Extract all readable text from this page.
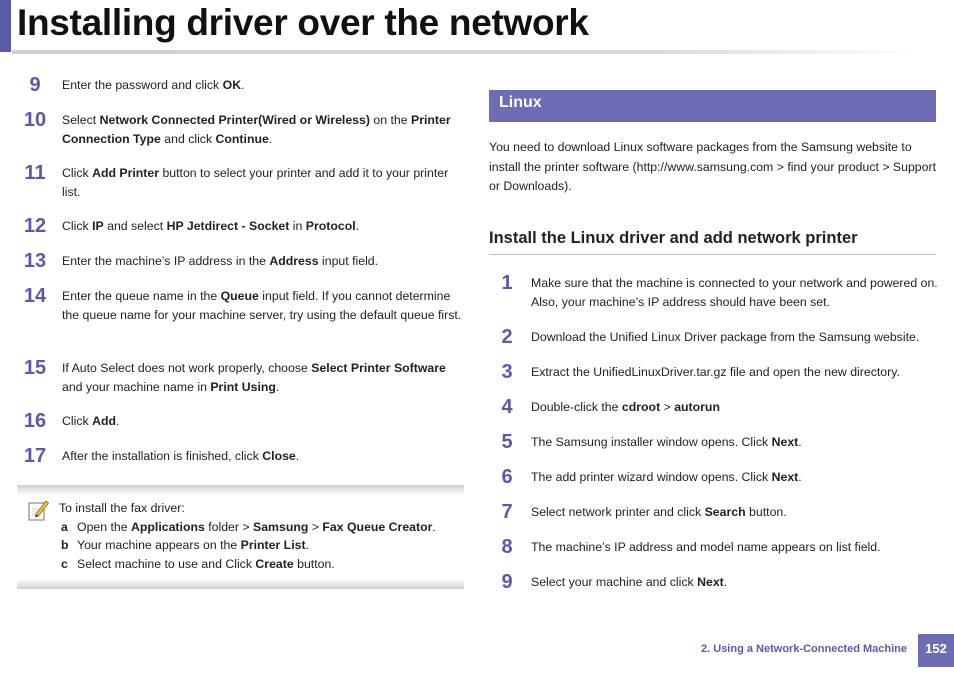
Installing driver over the network
9	Enter the password and click OK.
10	Select Network Connected Printer(Wired or Wireless) on the Printer Connection Type and click Continue.
11	Click Add Printer button to select your printer and add it to your printer list.
12	Click IP and select HP Jetdirect - Socket in Protocol.
13	Enter the machine’s IP address in the Address input field.
14	Enter the queue name in the Queue input field. If you cannot determine the queue name for your machine server, try using the default queue first.
15	If Auto Select does not work properly, choose Select Printer Software and your machine name in Print Using.
16	Click Add.
17	After the installation is finished, click Close.
To install the fax driver:
a Open the Applications folder > Samsung > Fax Queue Creator.
b Your machine appears on the Printer List.
c Select machine to use and Click Create button.
Linux
You need to download Linux software packages from the Samsung website to install the printer software (http://www.samsung.com > find your product > Support or Downloads).
Install the Linux driver and add network printer
1	Make sure that the machine is connected to your network and powered on. Also, your machine’s IP address should have been set.
2	Download the Unified Linux Driver package from the Samsung website.
3	Extract the UnifiedLinuxDriver.tar.gz file and open the new directory.
4	Double-click the cdroot > autorun
5	The Samsung installer window opens. Click Next.
6	The add printer wizard window opens. Click Next.
7	Select network printer and click Search button.
8	The machine’s IP address and model name appears on list field.
9	Select your machine and click Next.
2. Using a Network-Connected Machine	152
